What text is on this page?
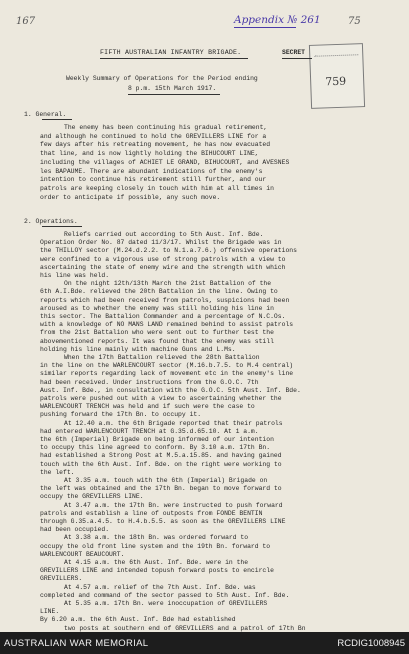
167	Appendix № 261	75
759
FIFTH AUSTRALIAN INFANTRY BRIGADE.	SECRET
Weekly Summary of Operations for the Period ending
8 p.m. 15th March 1917.
1. General.
The enemy has been continuing his gradual retirement,
and although he continued to hold the GREVILLERS LINE for a
few days after his retreating movement, he has now evacuated
that line, and is now lightly holding the BIHUCOURT LINE,
including the villages of ACHIET LE GRAND, BIHUCOURT, and AVESNES
les BAPAUME. There are abundant indications of the enemy's
intention to continue his retirement still further, and our
patrols are keeping closely in touch with him at all times in
order to anticipate if possible, any such move.
2. Operations.
Reliefs carried out according to 5th Aust. Inf. Bde.
Operation Order No. 87 dated 11/3/17. Whilst the Brigade was in
the THILLOY sector (M.24.d.2.2. to N.1.a.7.6.) offensive operations
were confined to a vigorous use of strong patrols with a view to
ascertaining the state of enemy wire and the strength with which
his line was held.
On the night 12th/13th March the 21st Battalion of the
6th A.I.Bde. relieved the 20th Battalion in the line. Owing to
reports which had been received from patrols, suspicions had been
aroused as to whether the enemy was still holding his line in
this sector. The Battalion Commander and a percentage of N.C.Os.
with a knowledge of NO MANS LAND remained behind to assist patrols
from the 21st Battalion who were sent out to further test the
abovementioned reports. It was found that the enemy was still
holding his line mainly with machine Guns and L.Ms.
When the 17th Battalion relieved the 28th Battalion
in the line on the WARLENCOURT sector (M.16.b.7.5. to M.4 central)
similar reports regarding lack of movement etc in the enemy's line
had been received. Under instructions from the G.O.C. 7th
Aust. Inf. Bde., in consultation with the G.O.C. 5th Aust. Inf. Bde.
patrols were pushed out with a view to ascertaining whether the
WARLENCOURT TRENCH was held and if such were the case to
pushing forward the 17th Bn. to occupy it.
At 12.40 a.m. the 6th Brigade reported that their patrols
had entered WARLENCOURT TRENCH at G.35.d.65.10. At 1 a.m.
the 6th (Imperial) Brigade on being informed of our intention
to occupy this line agreed to conform. By 3.10 a.m. 17th Bn.
had established a Strong Post at M.5.a.15.85. and having gained
touch with the 6th Aust. Inf. Bde. on the right were working to
the left.
At 3.35 a.m. touch with the 6th (Imperial) Brigade on
the left was obtained and the 17th Bn. began to move forward to
occupy the GREVILLERS LINE.
At 3.47 a.m. the 17th Bn. were instructed to push forward
patrols and establish a line of outposts from FONDE BENTIN
through G.35.a.4.5. to H.4.b.5.5. as soon as the GREVILLERS LINE
had been occupied.
At 3.38 a.m. the 18th Bn. was ordered forward to
occupy the old front line system and the 19th Bn. forward to
WARLENCOURT BEAUCOURT.
At 4.15 a.m. the 6th Aust. Inf. Bde. were in the
GREVILLERS LINE and intended topush forward posts to encircle
GREVILLERS.
At 4.57 a.m. relief of the 7th Aust. Inf. Bde. was
completed and command of the sector passed to 5th Aust. Inf. Bde.
At 5.35 a.m. 17th Bn. were inoccupation of GREVILLERS
LINE.
By 6.20 a.m. the 6th Aust. Inf. Bde had established
two posts at southern end of GREVILLERS and a patrol of 17th Bn
AUSTRALIAN WAR MEMORIAL	RCDIG1008945
